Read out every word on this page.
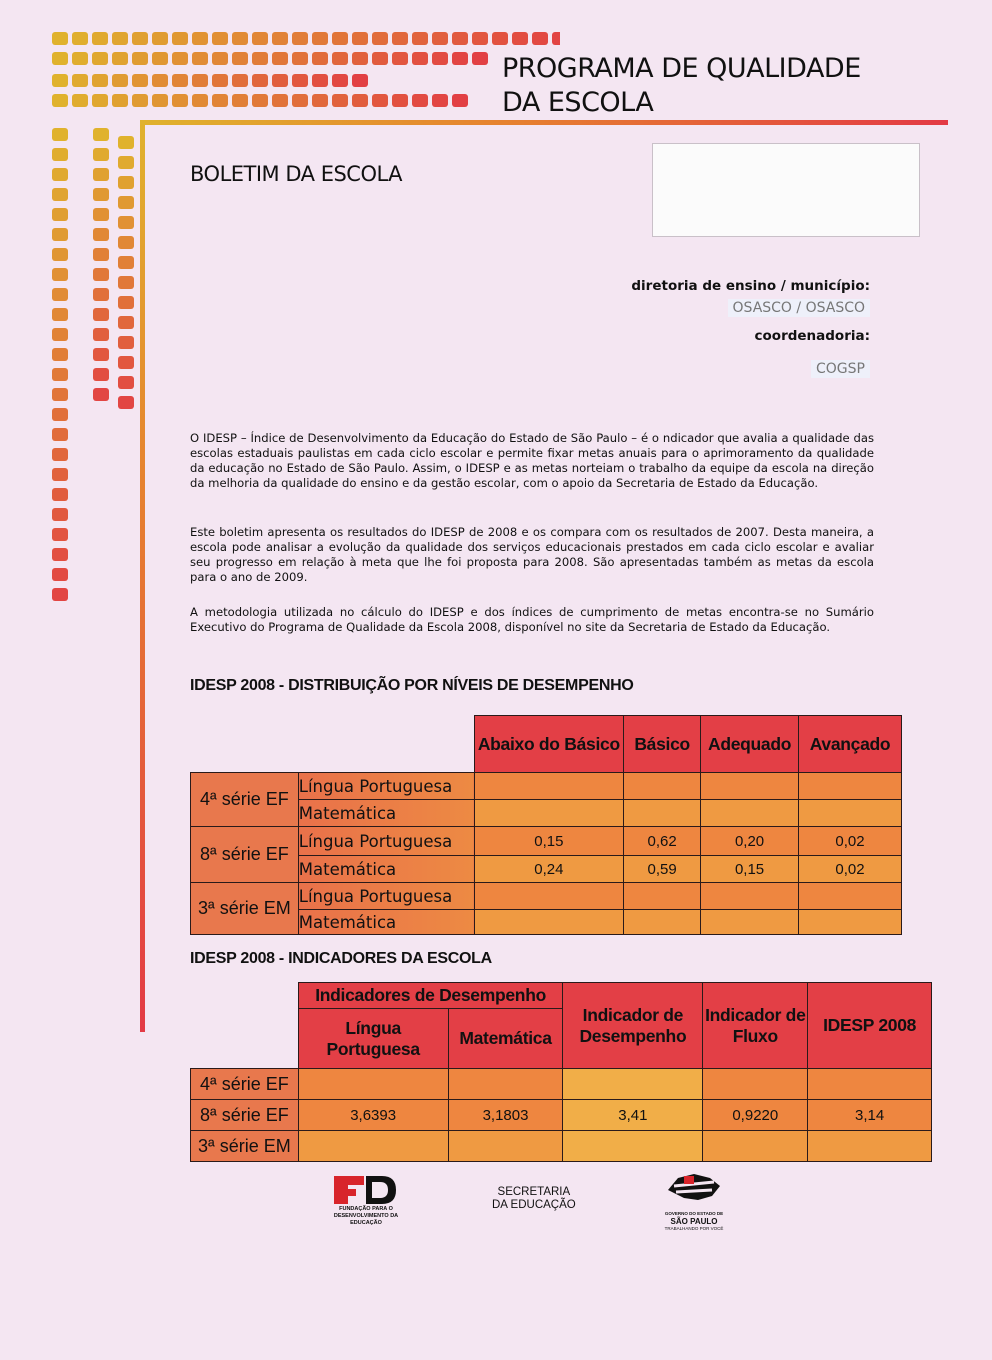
PROGRAMA DE QUALIDADE
DA ESCOLA
BOLETIM DA ESCOLA
diretoria de ensino / município:
OSASCO / OSASCO
coordenadoria:
COGSP

O IDESP – Índice de Desenvolvimento da Educação do Estado de São Paulo – é o ndicador que avalia a qualidade das escolas estaduais paulistas em cada ciclo escolar e permite fixar metas anuais para o aprimoramento da qualidade da educação no Estado de São Paulo. Assim, o IDESP e as metas norteiam o trabalho da equipe da escola na direção da melhoria da qualidade do ensino e da gestão escolar, com o apoio da Secretaria de Estado da Educação.

Este boletim apresenta os resultados do IDESP de 2008 e os compara com os resultados de 2007. Desta maneira, a escola pode analisar a evolução da qualidade dos serviços educacionais prestados em cada ciclo escolar e avaliar seu progresso em relação à meta que lhe foi proposta para 2008. São apresentadas também as metas da escola para o ano de 2009.

A metodologia utilizada no cálculo do IDESP e dos índices de cumprimento de metas encontra-se no Sumário Executivo do Programa de Qualidade da Escola 2008, disponível no site da Secretaria de Estado da Educação.

IDESP 2008 - DISTRIBUIÇÃO POR NÍVEIS DE DESEMPENHO
		Abaixo do Básico	Básico	Adequado	Avançado
4ª série EF	Língua Portuguesa				
	Matemática				
8ª série EF	Língua Portuguesa	0,15	0,62	0,20	0,02
	Matemática	0,24	0,59	0,15	0,02
3ª série EM	Língua Portuguesa				
	Matemática				
IDESP 2008 - INDICADORES DA ESCOLA
	Indicadores de Desempenho		Indicador de Desempenho	Indicador de Fluxo	IDESP 2008
	Língua Portuguesa	Matemática			
4ª série EF					
8ª série EF	3,6393	3,1803	3,41	0,9220	3,14
3ª série EM					
FUNDAÇÃO PARA O DESENVOLVIMENTO DA EDUCAÇÃO
SECRETARIA
DA EDUCAÇÃO
GOVERNO DO ESTADO DE
SÃO PAULO
TRABALHANDO POR VOCÊ
